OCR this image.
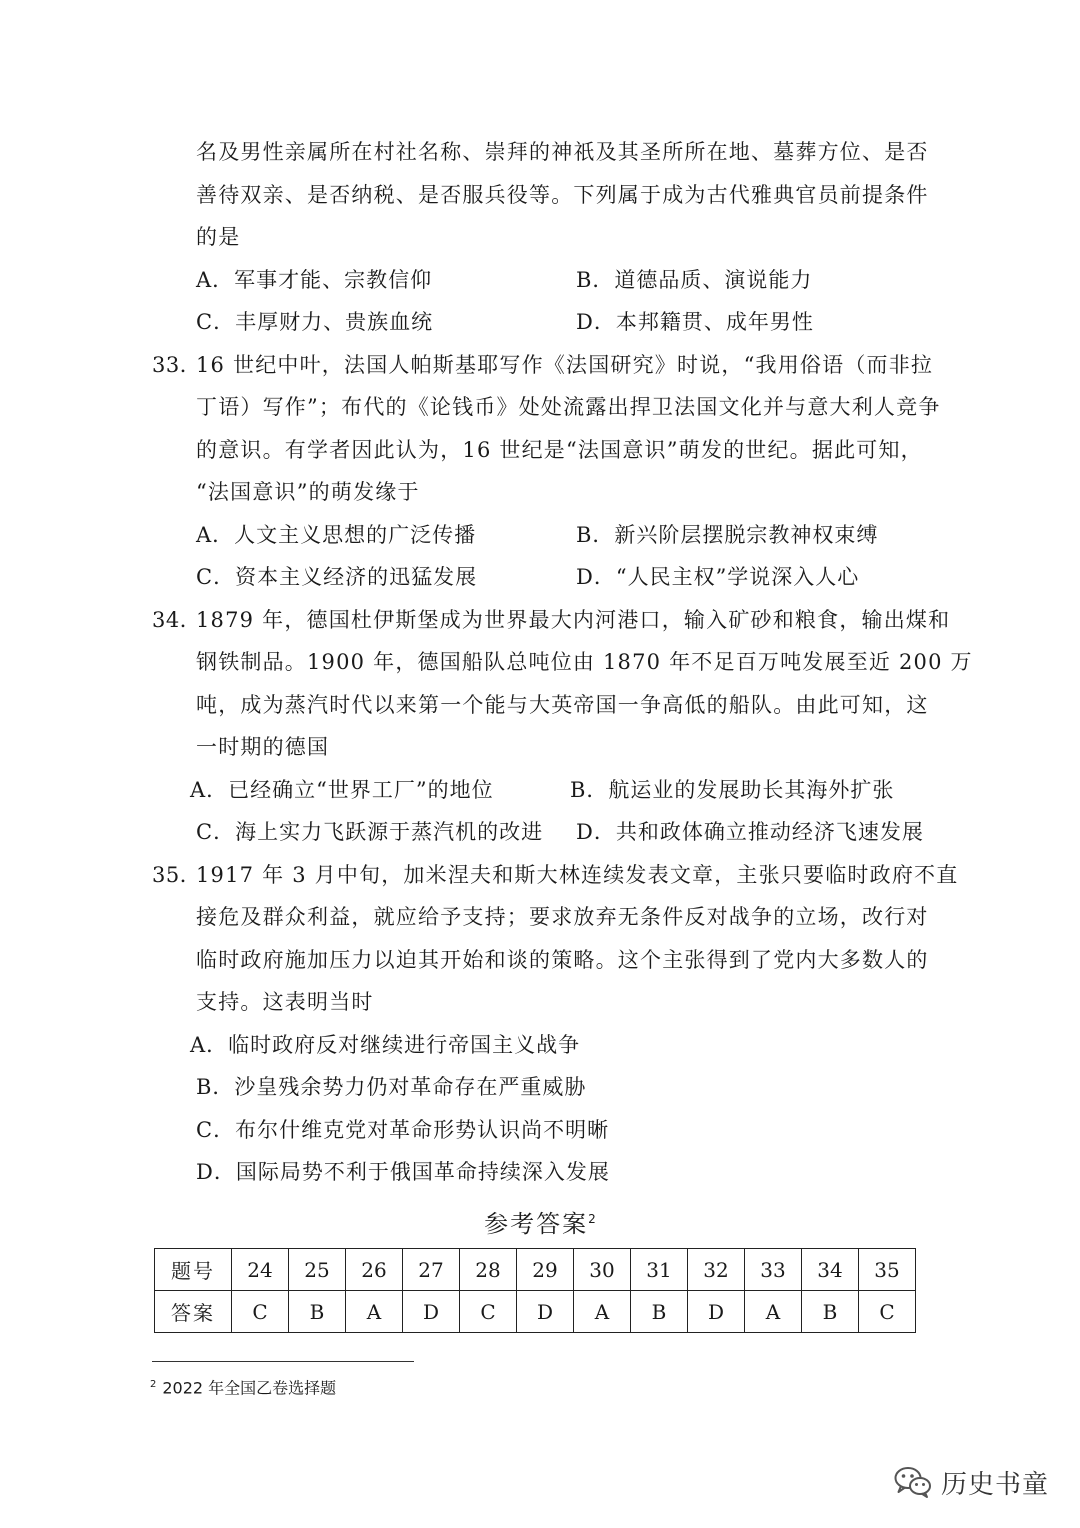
名及男性亲属所在村社名称、崇拜的神祇及其圣所所在地、墓葬方位、是否
善待双亲、是否纳税、是否服兵役等。下列属于成为古代雅典官员前提条件
的是
A．军事才能、宗教信仰	B．道德品质、演说能力
C．丰厚财力、贵族血统	D．本邦籍贯、成年男性
33．
16 世纪中叶，法国人帕斯基耶写作《法国研究》时说，“我用俗语（而非拉
丁语）写作”；布代的《论钱币》处处流露出捍卫法国文化并与意大利人竞争
的意识。有学者因此认为，16 世纪是“法国意识”萌发的世纪。据此可知，
“法国意识”的萌发缘于
A．人文主义思想的广泛传播	B．新兴阶层摆脱宗教神权束缚
C．资本主义经济的迅猛发展	D．“人民主权”学说深入人心
34．
1879 年，德国杜伊斯堡成为世界最大内河港口，输入矿砂和粮食，输出煤和
钢铁制品。1900 年，德国船队总吨位由 1870 年不足百万吨发展至近 200 万
吨，成为蒸汽时代以来第一个能与大英帝国一争高低的船队。由此可知，这
一时期的德国
A．已经确立“世界工厂”的地位	B．航运业的发展助长其海外扩张
C．海上实力飞跃源于蒸汽机的改进 D．共和政体确立推动经济飞速发展
35．
1917 年 3 月中旬，加米涅夫和斯大林连续发表文章，主张只要临时政府不直
接危及群众利益，就应给予支持；要求放弃无条件反对战争的立场，改行对
临时政府施加压力以迫其开始和谈的策略。这个主张得到了党内大多数人的
支持。这表明当时
A．临时政府反对继续进行帝国主义战争
B．沙皇残余势力仍对革命存在严重威胁
C．布尔什维克党对革命形势认识尚不明晰
D．国际局势不利于俄国革命持续深入发展
参考答案$^2$
题号	24	25	26	27	28	29	30	31	32	33	34	35
答案	C	B	A	D	C	D	A	B	D	A	B	C
$^2$ 2022 年全国乙卷选择题
历史书童
